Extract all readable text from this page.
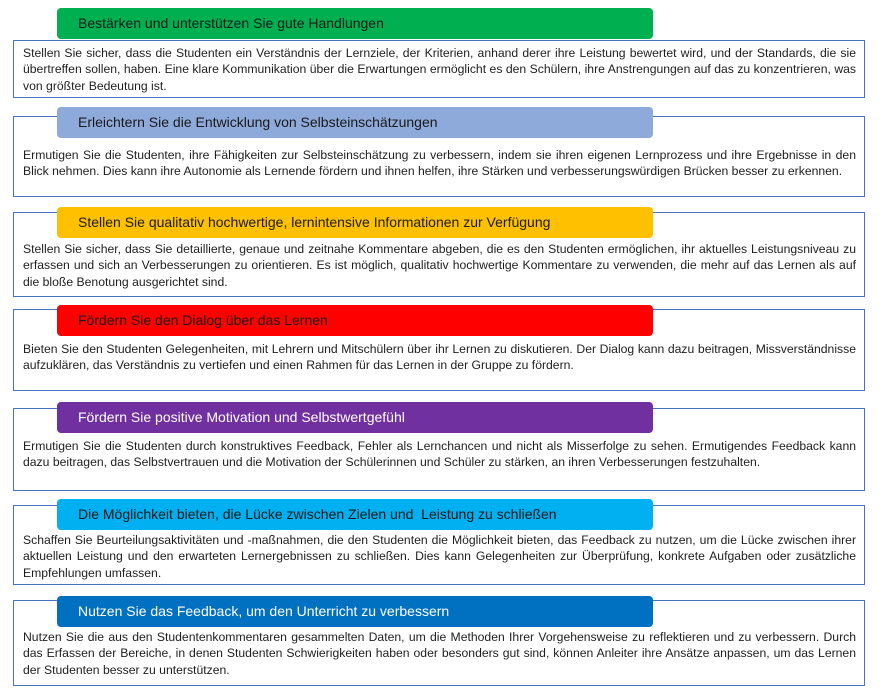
Stellen Sie sicher, dass die Studenten ein Verständnis der Lernziele, der Kriterien, anhand derer ihre Leistung bewertet wird, und der Standards, die sie übertreffen sollen, haben. Eine klare Kommunikation über die Erwartungen ermöglicht es den Schülern, ihre Anstrengungen auf das zu konzentrieren, was von größter Bedeutung ist.
Bestärken und unterstützen Sie gute Handlungen
Ermutigen Sie die Studenten, ihre Fähigkeiten zur Selbsteinschätzung zu verbessern, indem sie ihren eigenen Lernprozess und ihre Ergebnisse in den Blick nehmen. Dies kann ihre Autonomie als Lernende fördern und ihnen helfen, ihre Stärken und verbesserungswürdigen Brücken besser zu erkennen.
Erleichtern Sie die Entwicklung von Selbsteinschätzungen
Stellen Sie sicher, dass Sie detaillierte, genaue und zeitnahe Kommentare abgeben, die es den Studenten ermöglichen, ihr aktuelles Leistungsniveau zu erfassen und sich an Verbesserungen zu orientieren. Es ist möglich, qualitativ hochwertige Kommentare zu verwenden, die mehr auf das Lernen als auf die bloße Benotung ausgerichtet sind.
Stellen Sie qualitativ hochwertige, lernintensive Informationen zur Verfügung
Bieten Sie den Studenten Gelegenheiten, mit Lehrern und Mitschülern über ihr Lernen zu diskutieren. Der Dialog kann dazu beitragen, Missverständnisse aufzuklären, das Verständnis zu vertiefen und einen Rahmen für das Lernen in der Gruppe zu fördern.
Fördern Sie den Dialog über das Lernen
Ermutigen Sie die Studenten durch konstruktives Feedback, Fehler als Lernchancen und nicht als Misserfolge zu sehen. Ermutigendes Feedback kann dazu beitragen, das Selbstvertrauen und die Motivation der Schülerinnen und Schüler zu stärken, an ihren Verbesserungen festzuhalten.
Fördern Sie positive Motivation und Selbstwertgefühl
Schaffen Sie Beurteilungsaktivitäten und -maßnahmen, die den Studenten die Möglichkeit bieten, das Feedback zu nutzen, um die Lücke zwischen ihrer aktuellen Leistung und den erwarteten Lernergebnissen zu schließen. Dies kann Gelegenheiten zur Überprüfung, konkrete Aufgaben oder zusätzliche Empfehlungen umfassen.
Die Möglichkeit bieten, die Lücke zwischen Zielen und  Leistung zu schließen
Nutzen Sie die aus den Studentenkommentaren gesammelten Daten, um die Methoden Ihrer Vorgehensweise zu reflektieren und zu verbessern. Durch das Erfassen der Bereiche, in denen Studenten Schwierigkeiten haben oder besonders gut sind, können Anleiter ihre Ansätze anpassen, um das Lernen der Studenten besser zu unterstützen.
Nutzen Sie das Feedback, um den Unterricht zu verbessern
